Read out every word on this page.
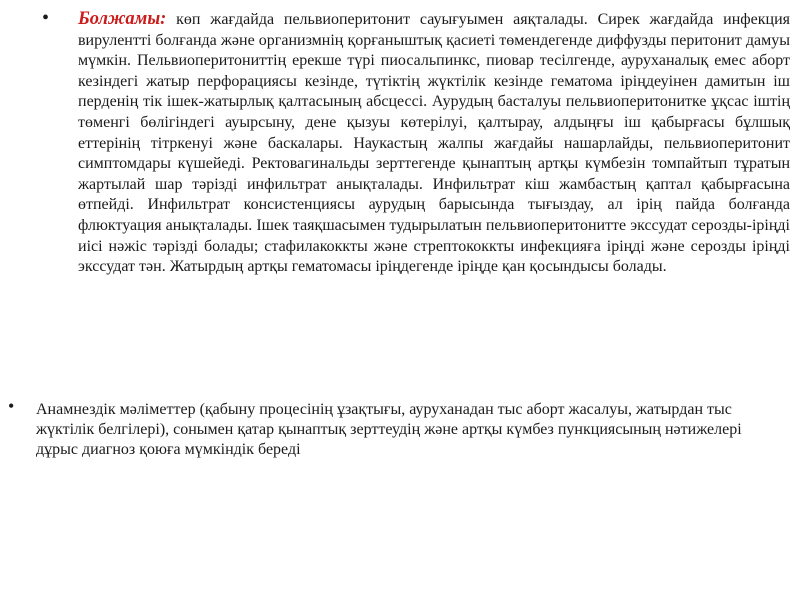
•	Болжамы: көп жағдайда пельвиоперитонит сауығуымен аяқталады. Сирек жағдайда инфекция вирулентті болғанда және организмнің қорғаныштық қасиеті төмендегенде диффузды перитонит дамуы мүмкін. Пельвиоперитониттің ерекше түрі пиосальпинкс, пиовар тесілгенде, ауруханалық емес аборт кезіндегі жатыр перфорациясы кезінде, түтіктің жүктілік кезінде гематома іріңдеуінен дамитын іш перденің тік ішек-жатырлық қалтасының абсцессі. Аурудың басталуы пельвиоперитонитке ұқсас іштің төменгі бөлігіндегі ауырсыну, дене қызуы көтерілуі, қалтырау, алдыңғы іш қабырғасы бұлшық еттерінің тітркенуі және баскалары. Наукастың жалпы жағдайы нашарлайды, пельвиоперитонит симптомдары күшейеді. Ректовагинальды зерттегенде қынаптың артқы күмбезін томпайтып тұратын жартылай шар тәрізді инфильтрат анықталады. Инфильтрат кіш жамбастың қаптал қабырғасына өтпейді. Инфильтрат консистенциясы аурудың барысында тығыздау, ал ірің пайда болғанда флюктуация анықталады. Ішек таяқшасымен тудырылатын пельвиоперитонитте экссудат серозды-іріңді иісі нәжіс тәрізді болады; стафилакоккты және стрептококкты инфекцияға іріңді және серозды іріңді экссудат тән. Жатырдың артқы гематомасы іріңдегенде іріңде қан қосындысы болады.

•	Анамнездік мәліметтер (қабыну процесінің ұзақтығы, ауруханадан тыс аборт жасалуы, жатырдан тыс жүктілік белгілері), сонымен қатар қынаптық зерттеудің және артқы күмбез пункциясының нәтижелері дұрыс диагноз қоюға мүмкіндік береді
